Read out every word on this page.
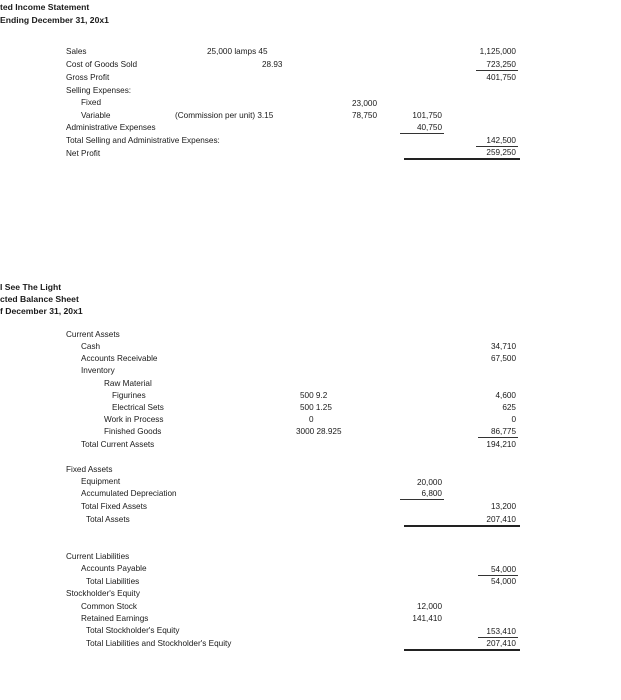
ted Income Statement
Ending December 31, 20x1
Sales	25,000 lamps 45	1,125,000
Cost of Goods Sold	28.93	723,250
Gross Profit	401,750
Selling Expenses:
Fixed	23,000
Variable	(Commission per unit) 3.15	78,750	101,750
Administrative Expenses	40,750
Total Selling and Administrative Expenses:	142,500
Net Profit	259,250
I See The Light
cted Balance Sheet
f December 31, 20x1
Current Assets
Cash	34,710
Accounts Receivable	67,500
Inventory
Raw Material
Figurines	500 9.2	4,600
Electrical Sets	500 1.25	625
Work in Process	0	0
Finished Goods	3000 28.925	86,775
Total Current Assets	194,210
Fixed Assets
Equipment	20,000
Accumulated Depreciation	6,800
Total Fixed Assets	13,200
Total Assets	207,410
Current Liabilities
Accounts Payable	54,000
Total Liabilities	54,000
Stockholder's Equity
Common Stock	12,000
Retained Earnings	141,410
Total Stockholder's Equity	153,410
Total Liabilities and Stockholder's Equity	207,410
